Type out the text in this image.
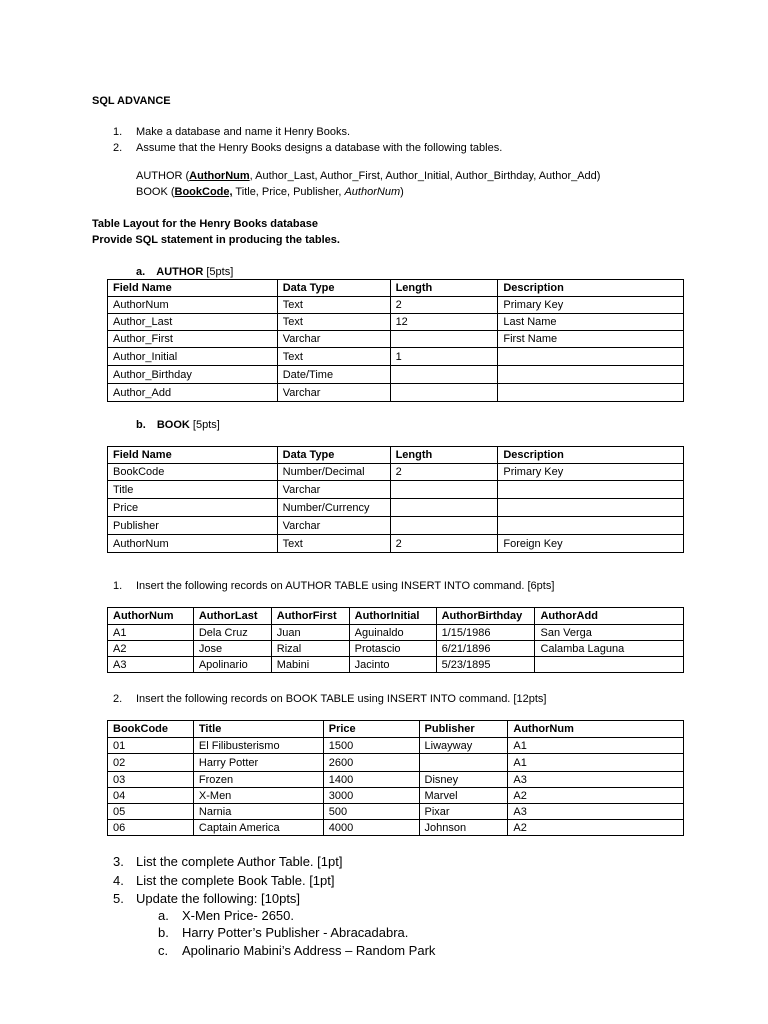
SQL ADVANCE
1. Make a database and name it Henry Books.
2. Assume that the Henry Books designs a database with the following tables.
AUTHOR (AuthorNum, Author_Last, Author_First, Author_Initial, Author_Birthday, Author_Add)
BOOK (BookCode, Title, Price, Publisher, AuthorNum)
Table Layout for the Henry Books database
Provide SQL statement in producing the tables.
a. AUTHOR [5pts]
Field Name	Data Type	Length	Description
AuthorNum	Text	2	Primary Key
Author_Last	Text	12	Last Name
Author_First	Varchar		First Name
Author_Initial	Text	1	
Author_Birthday	Date/Time		
Author_Add	Varchar		
b. BOOK [5pts]
Field Name	Data Type	Length	Description
BookCode	Number/Decimal	2	Primary Key
Title	Varchar		
Price	Number/Currency		
Publisher	Varchar		
AuthorNum	Text	2	Foreign Key
1. Insert the following records on AUTHOR TABLE using INSERT INTO command. [6pts]
AuthorNum	AuthorLast	AuthorFirst	AuthorInitial	AuthorBirthday	AuthorAdd
A1	Dela Cruz	Juan	Aguinaldo	1/15/1986	San Verga
A2	Jose	Rizal	Protascio	6/21/1896	Calamba Laguna
A3	Apolinario	Mabini	Jacinto	5/23/1895	
2. Insert the following records on BOOK TABLE using INSERT INTO command. [12pts]
BookCode	Title	Price	Publisher	AuthorNum
01	El Filibusterismo	1500	Liwayway	A1
02	Harry Potter	2600		A1
03	Frozen	1400	Disney	A3
04	X-Men	3000	Marvel	A2
05	Narnia	500	Pixar	A3
06	Captain America	4000	Johnson	A2
3. List the complete Author Table. [1pt]
4. List the complete Book Table. [1pt]
5. Update the following: [10pts]
a. X-Men Price- 2650.
b. Harry Potter’s Publisher - Abracadabra.
c. Apolinario Mabini’s Address – Random Park
